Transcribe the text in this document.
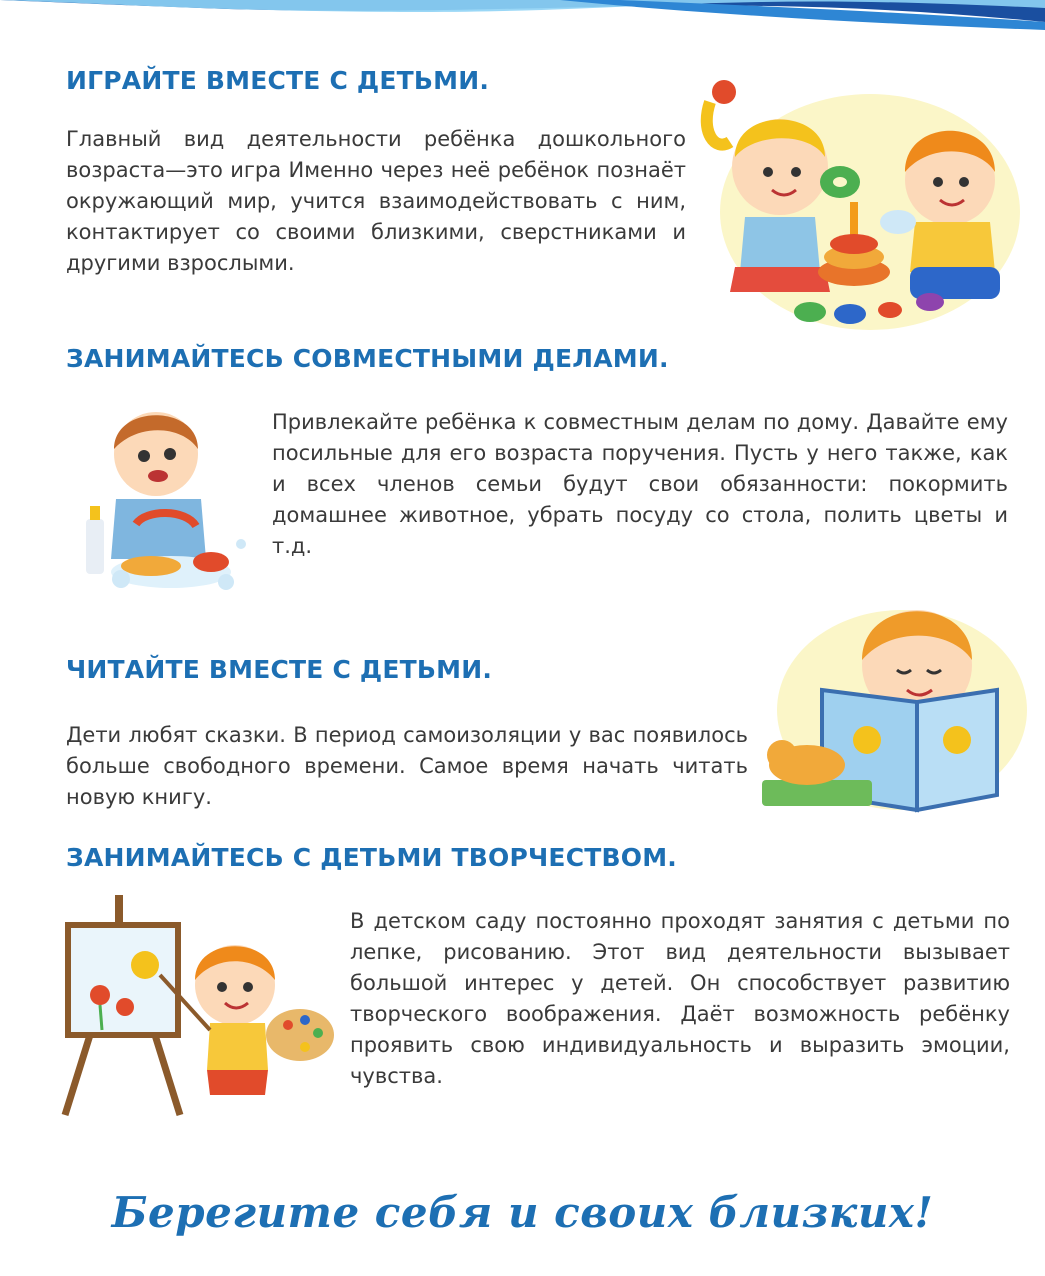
ИГРАЙТЕ ВМЕСТЕ С ДЕТЬМИ.

Главный вид деятельности ребёнка дошкольного возраста—это игра Именно через неё ребёнок познаёт окружающий мир, учится взаимодействовать с ним, контактирует со своими близкими, сверстниками и другими взрослыми.

ЗАНИМАЙТЕСЬ СОВМЕСТНЫМИ ДЕЛАМИ.

Привлекайте ребёнка к совместным делам по дому. Давайте ему посильные для его возраста поручения. Пусть у него также, как и всех членов семьи будут свои обязанности: покормить домашнее животное, убрать посуду со стола, полить цветы и т.д.

ЧИТАЙТЕ ВМЕСТЕ С ДЕТЬМИ.

Дети любят сказки. В период самоизоляции у вас появилось больше свободного времени. Самое время начать читать новую книгу.

ЗАНИМАЙТЕСЬ С ДЕТЬМИ ТВОРЧЕСТВОМ.

В детском саду постоянно проходят занятия с детьми по лепке, рисованию. Этот вид деятельности вызывает большой интерес у детей. Он способствует развитию творческого воображения. Даёт возможность ребёнку проявить свою индивидуальность и выразить эмоции, чувства.

Берегите себя и своих близких!
